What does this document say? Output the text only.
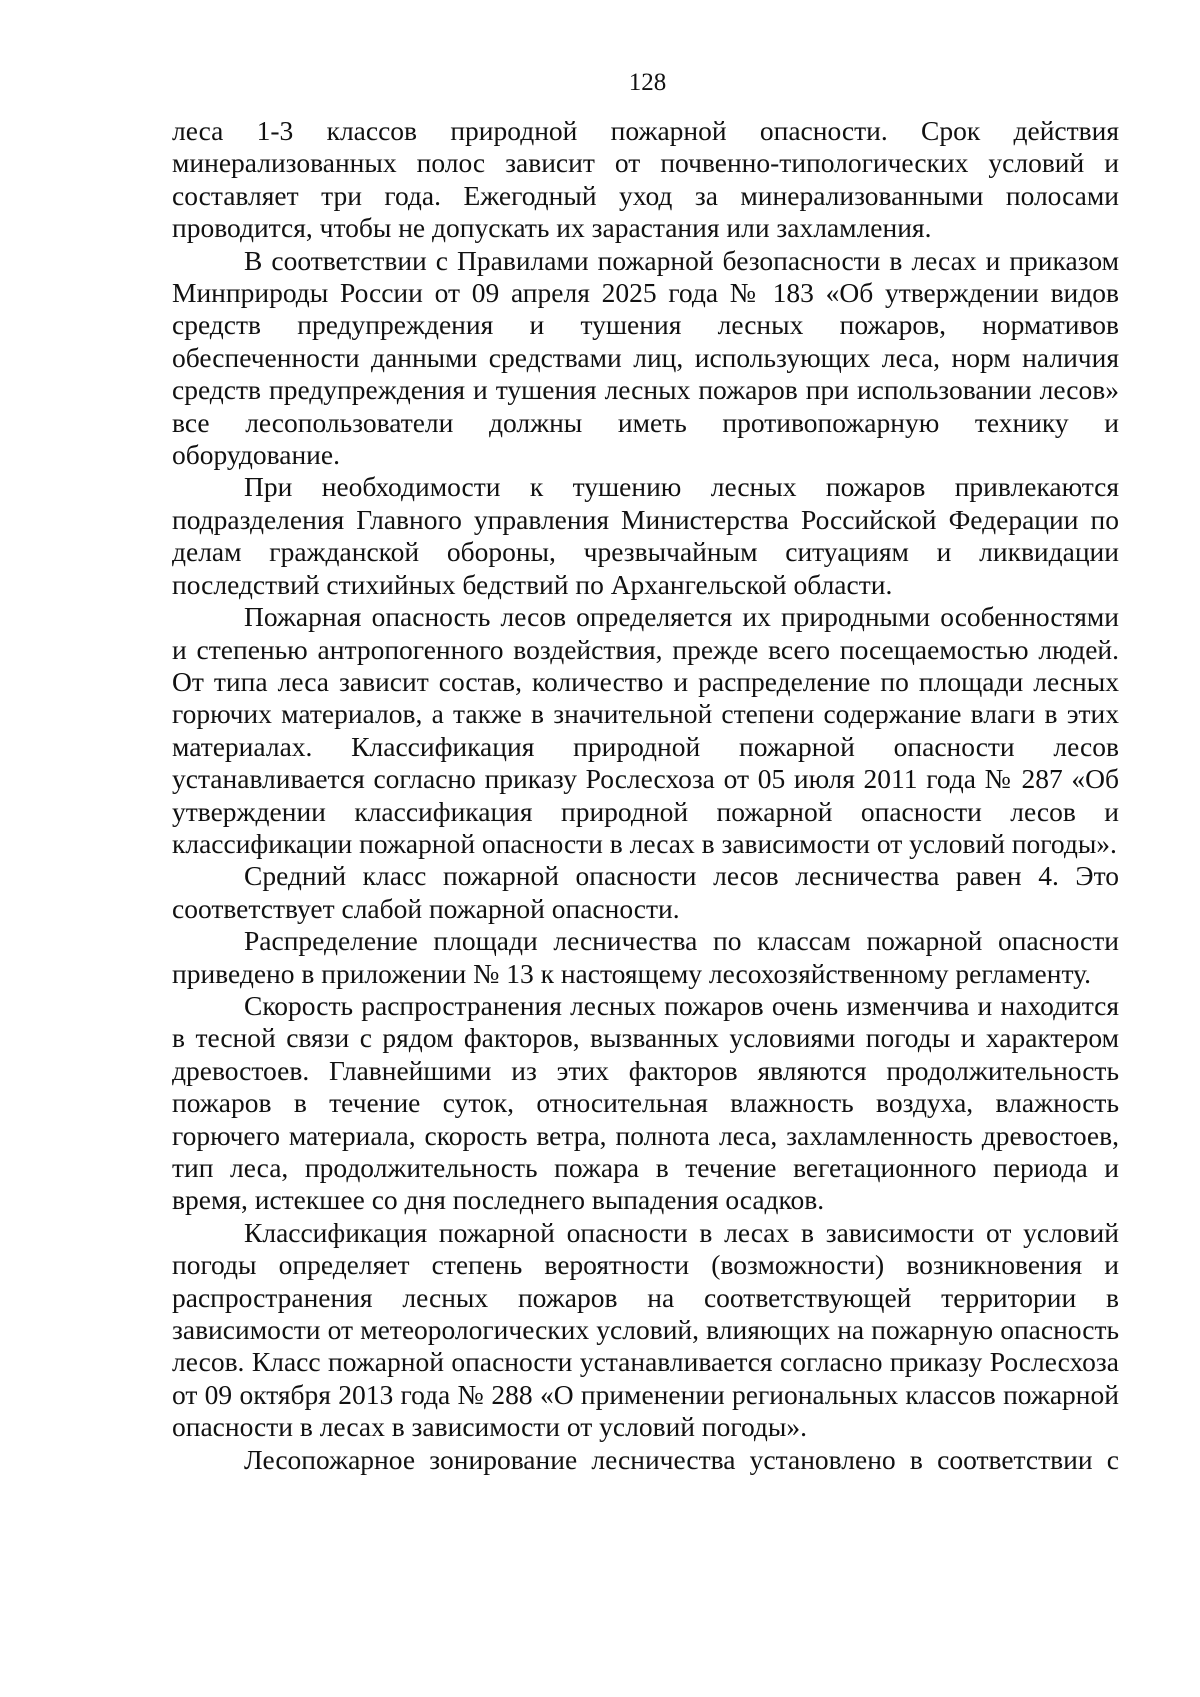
128

леса 1-3 классов природной пожарной опасности. Срок действия минерализованных полос зависит от почвенно-типологических условий и составляет три года. Ежегодный уход за минерализованными полосами проводится, чтобы не допускать их зарастания или захламления.

В соответствии с Правилами пожарной безопасности в лесах и приказом Минприроды России от 09 апреля 2025 года № 183 «Об утверждении видов средств предупреждения и тушения лесных пожаров, нормативов обеспеченности данными средствами лиц, использующих леса, норм наличия средств предупреждения и тушения лесных пожаров при использовании лесов» все лесопользователи должны иметь противопожарную технику и оборудование.

При необходимости к тушению лесных пожаров привлекаются подразделения Главного управления Министерства Российской Федерации по делам гражданской обороны, чрезвычайным ситуациям и ликвидации последствий стихийных бедствий по Архангельской области.

Пожарная опасность лесов определяется их природными особенностями и степенью антропогенного воздействия, прежде всего посещаемостью людей. От типа леса зависит состав, количество и распределение по площади лесных горючих материалов, а также в значительной степени содержание влаги в этих материалах. Классификация природной пожарной опасности лесов устанавливается согласно приказу Рослесхоза от 05 июля 2011 года № 287 «Об утверждении классификация природной пожарной опасности лесов и классификации пожарной опасности в лесах в зависимости от условий погоды».

Средний класс пожарной опасности лесов лесничества равен 4. Это соответствует слабой пожарной опасности.

Распределение площади лесничества по классам пожарной опасности приведено в приложении № 13 к настоящему лесохозяйственному регламенту.

Скорость распространения лесных пожаров очень изменчива и находится в тесной связи с рядом факторов, вызванных условиями погоды и характером древостоев. Главнейшими из этих факторов являются продолжительность пожаров в течение суток, относительная влажность воздуха, влажность горючего материала, скорость ветра, полнота леса, захламленность древостоев, тип леса, продолжительность пожара в течение вегетационного периода и время, истекшее со дня последнего выпадения осадков.

Классификация пожарной опасности в лесах в зависимости от условий погоды определяет степень вероятности (возможности) возникновения и распространения лесных пожаров на соответствующей территории в зависимости от метеорологических условий, влияющих на пожарную опасность лесов. Класс пожарной опасности устанавливается согласно приказу Рослесхоза от 09 октября 2013 года № 288 «О применении региональных классов пожарной опасности в лесах в зависимости от условий погоды».

Лесопожарное зонирование лесничества установлено в соответствии с
